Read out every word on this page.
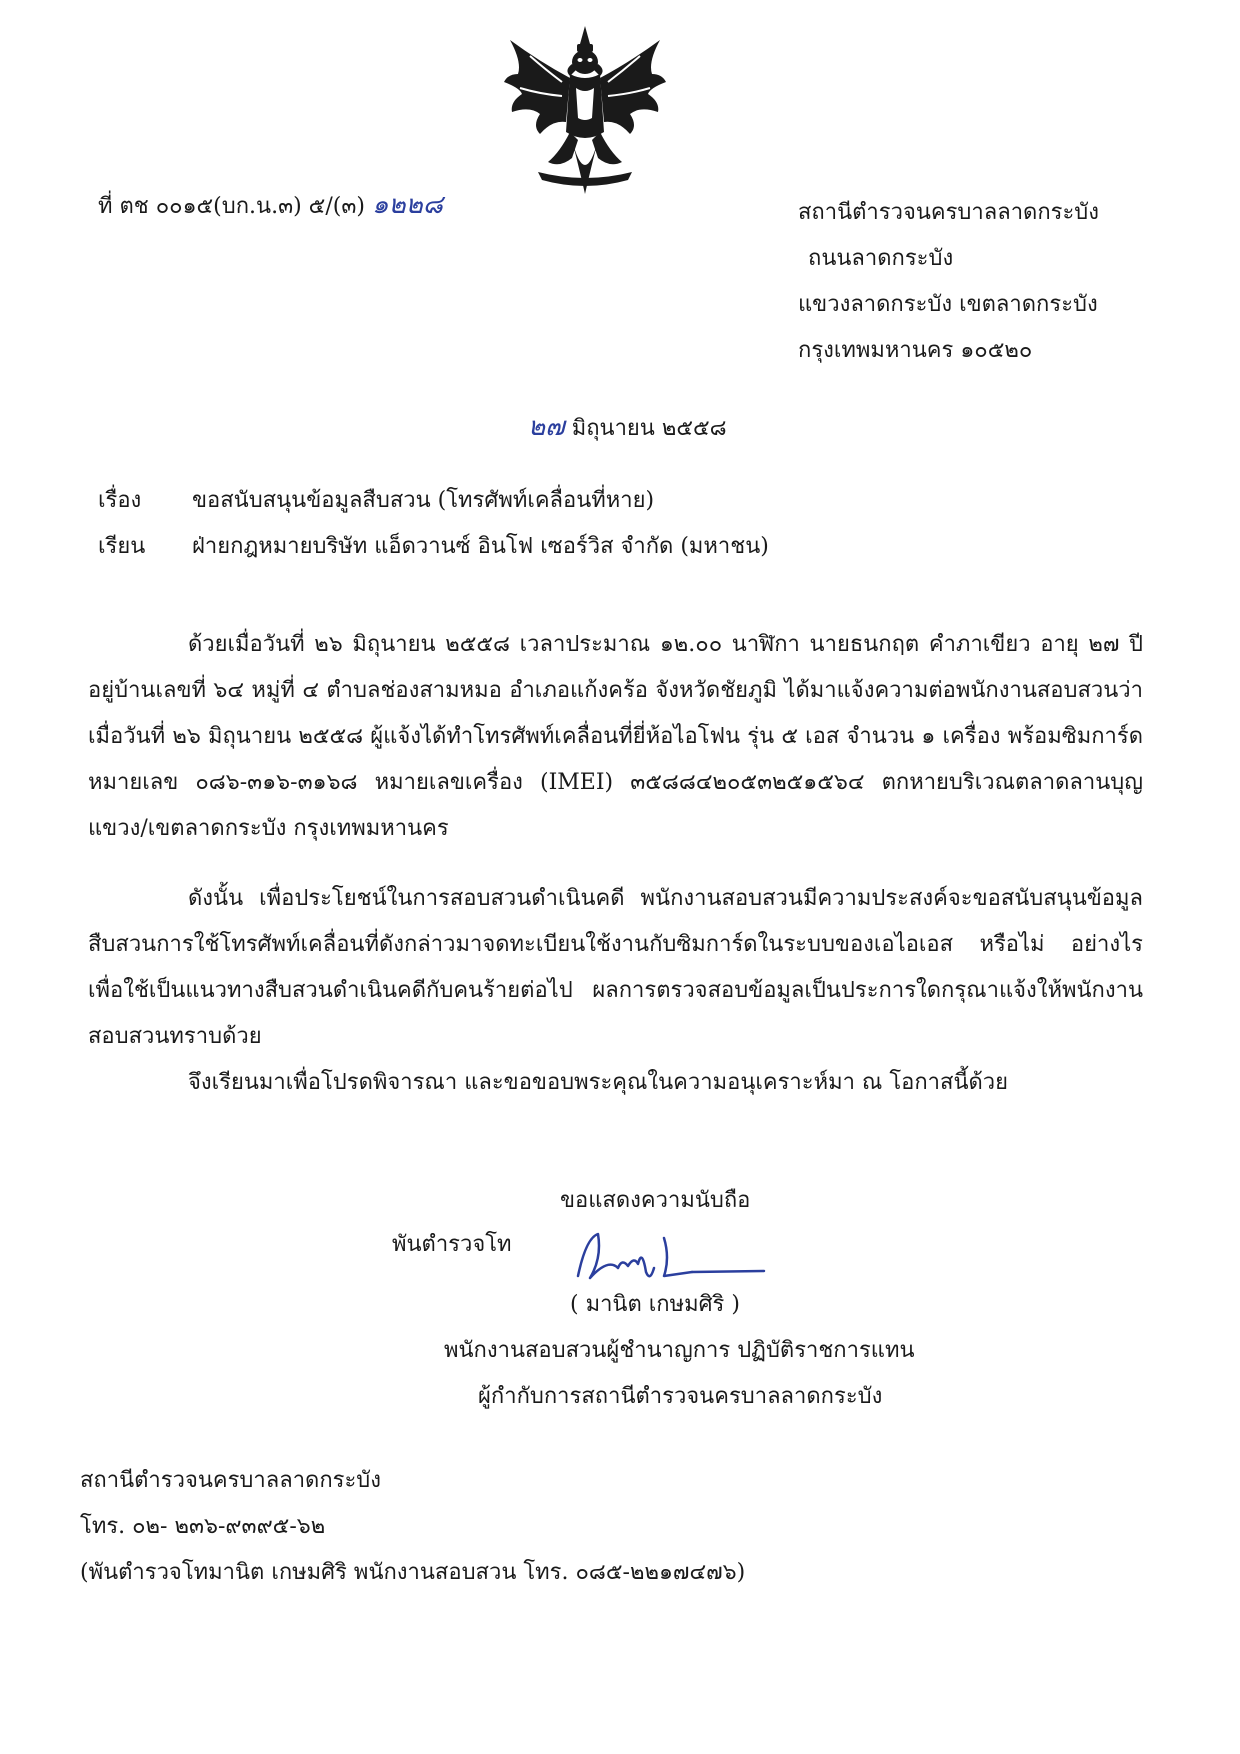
ที่ ตช ๐๐๑๕(บก.น.๓) ๕/(๓) ๑๒๒๘	สถานีตำรวจนครบาลลาดกระบัง
ถนนลาดกระบัง
แขวงลาดกระบัง เขตลาดกระบัง
กรุงเทพมหานคร ๑๐๕๒๐
๒๗ มิถุนายน ๒๕๕๘
เรื่อง ขอสนับสนุนข้อมูลสืบสวน (โทรศัพท์เคลื่อนที่หาย)
เรียน ฝ่ายกฎหมายบริษัท แอ็ดวานซ์ อินโฟ เซอร์วิส จำกัด (มหาชน)
ด้วยเมื่อวันที่ ๒๖ มิถุนายน ๒๕๕๘ เวลาประมาณ ๑๒.๐๐ นาฬิกา นายธนกฤต คำภาเขียว อายุ ๒๗ ปี อยู่บ้านเลขที่ ๖๔ หมู่ที่ ๔ ตำบลช่องสามหมอ อำเภอแก้งคร้อ จังหวัดชัยภูมิ ได้มาแจ้งความต่อพนักงานสอบสวนว่า เมื่อวันที่ ๒๖ มิถุนายน ๒๕๕๘ ผู้แจ้งได้ทำโทรศัพท์เคลื่อนที่ยี่ห้อไอโฟน รุ่น ๕ เอส จำนวน ๑ เครื่อง พร้อมซิมการ์ด หมายเลข ๐๘๖-๓๑๖-๓๑๖๘ หมายเลขเครื่อง (IMEI) ๓๕๘๘๔๒๐๕๓๒๕๑๕๖๔ ตกหายบริเวณตลาดลานบุญ แขวง/เขตลาดกระบัง กรุงเทพมหานคร
ดังนั้น เพื่อประโยชน์ในการสอบสวนดำเนินคดี พนักงานสอบสวนมีความประสงค์จะขอสนับสนุนข้อมูลสืบสวนการใช้โทรศัพท์เคลื่อนที่ดังกล่าวมาจดทะเบียนใช้งานกับซิมการ์ดในระบบของเอไอเอส หรือไม่ อย่างไร เพื่อใช้เป็นแนวทางสืบสวนดำเนินคดีกับคนร้ายต่อไป ผลการตรวจสอบข้อมูลเป็นประการใดกรุณาแจ้งให้พนักงานสอบสวนทราบด้วย
จึงเรียนมาเพื่อโปรดพิจารณา และขอขอบพระคุณในความอนุเคราะห์มา ณ โอกาสนี้ด้วย
ขอแสดงความนับถือ
พันตำรวจโท
( มานิต เกษมศิริ )
พนักงานสอบสวนผู้ชำนาญการ ปฏิบัติราชการแทน
ผู้กำกับการสถานีตำรวจนครบาลลาดกระบัง
สถานีตำรวจนครบาลลาดกระบัง
โทร. ๐๒- ๒๓๖-๙๓๙๕-๖๒
(พันตำรวจโทมานิต เกษมศิริ พนักงานสอบสวน โทร. ๐๘๕-๒๒๑๗๔๗๖)
